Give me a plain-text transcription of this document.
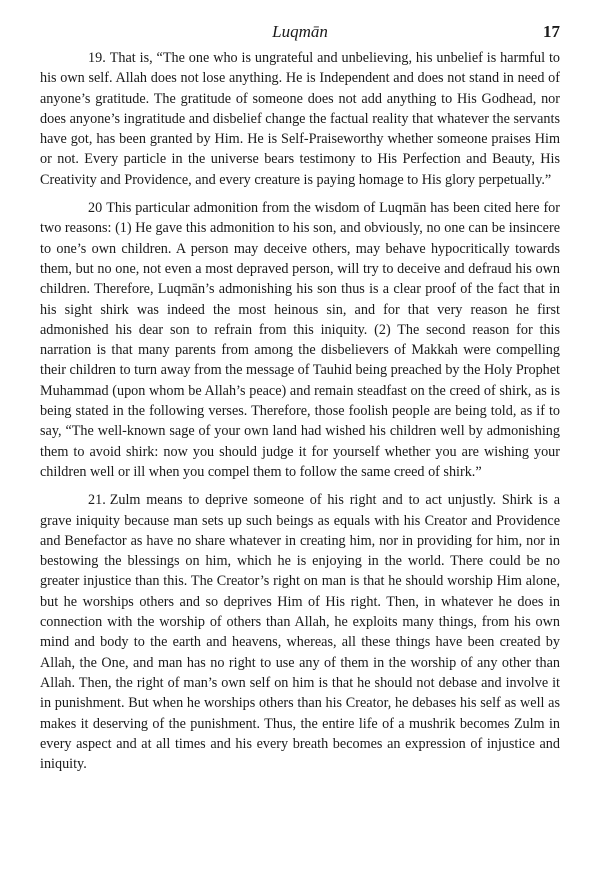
Luqmān	17

19. That is, “The one who is ungrateful and unbelieving, his unbelief is harmful to his own self. Allah does not lose anything. He is Independent and does not stand in need of anyone’s gratitude. The gratitude of someone does not add anything to His Godhead, nor does anyone’s ingratitude and disbelief change the factual reality that whatever the servants have got, has been granted by Him. He is Self-Praiseworthy whether someone praises Him or not. Every particle in the universe bears testimony to His Perfection and Beauty, His Creativity and Providence, and every creature is paying homage to His glory perpetually.”

20 This particular admonition from the wisdom of Luqmān has been cited here for two reasons: (1) He gave this admonition to his son, and obviously, no one can be insincere to one’s own children. A person may deceive others, may behave hypocritically towards them, but no one, not even a most depraved person, will try to deceive and defraud his own children. Therefore, Luqmān’s admonishing his son thus is a clear proof of the fact that in his sight shirk was indeed the most heinous sin, and for that very reason he first admonished his dear son to refrain from this iniquity. (2) The second reason for this narration is that many parents from among the disbelievers of Makkah were compelling their children to turn away from the message of Tauhid being preached by the Holy Prophet Muhammad (upon whom be Allah’s peace) and remain steadfast on the creed of shirk, as is being stated in the following verses. Therefore, those foolish people are being told, as if to say, “The well-known sage of your own land had wished his children well by admonishing them to avoid shirk: now you should judge it for yourself whether you are wishing your children well or ill when you compel them to follow the same creed of shirk.”

21. Zulm means to deprive someone of his right and to act unjustly. Shirk is a grave iniquity because man sets up such beings as equals with his Creator and Providence and Benefactor as have no share whatever in creating him, nor in providing for him, nor in bestowing the blessings on him, which he is enjoying in the world. There could be no greater injustice than this. The Creator’s right on man is that he should worship Him alone, but he worships others and so deprives Him of His right. Then, in whatever he does in connection with the worship of others than Allah, he exploits many things, from his own mind and body to the earth and heavens, whereas, all these things have been created by Allah, the One, and man has no right to use any of them in the worship of any other than Allah. Then, the right of man’s own self on him is that he should not debase and involve it in punishment. But when he worships others than his Creator, he debases his self as well as makes it deserving of the punishment. Thus, the entire life of a mushrik becomes Zulm in every aspect and at all times and his every breath becomes an expression of injustice and iniquity.
